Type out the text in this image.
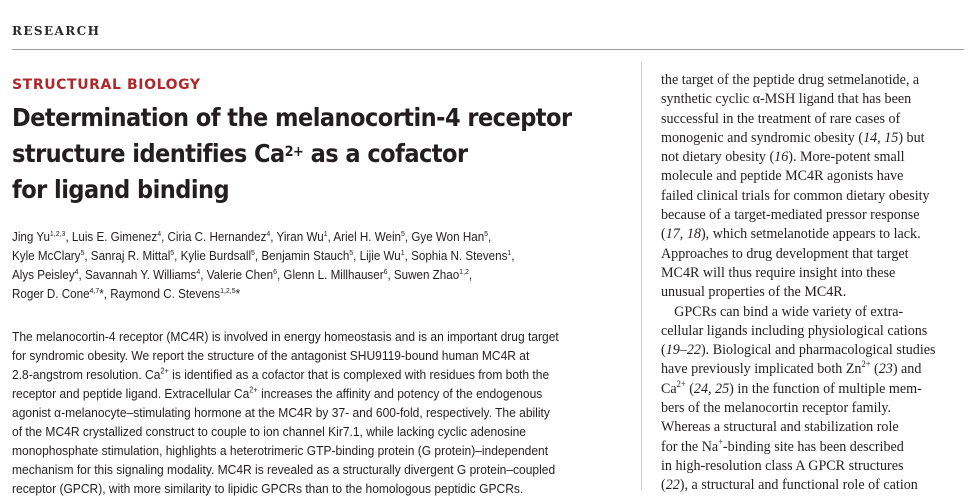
RESEARCH
STRUCTURAL BIOLOGY
Determination of the melanocortin-4 receptor
structure identifies $Ca^{2+}$ as a cofactor
for ligand binding
Jing Yu$^{1,2,3}$, Luis E. Gimenez$^4$, Ciria C. Hernandez$^4$, Yiran Wu$^1$, Ariel H. Wein$^5$, Gye Won Han$^5$,
Kyle McClary$^5$, Sanraj R. Mittal$^5$, Kylie Burdsall$^5$, Benjamin Stauch$^5$, Lijie Wu$^1$, Sophia N. Stevens$^1$,
Alys Peisley$^4$, Savannah Y. Williams$^4$, Valerie Chen$^6$, Glenn L. Millhauser$^6$, Suwen Zhao$^{1,2}$,
Roger D. Cone$^{4,7}$*, Raymond C. Stevens$^{1,2,5}$*
The melanocortin-4 receptor (MC4R) is involved in energy homeostasis and is an important drug target
for syndromic obesity. We report the structure of the antagonist SHU9119-bound human MC4R at
2.8-angstrom resolution. $Ca^{2+}$ is identified as a cofactor that is complexed with residues from both the
receptor and peptide ligand. Extracellular $Ca^{2+}$ increases the affinity and potency of the endogenous
agonist α-melanocyte–stimulating hormone at the MC4R by 37- and 600-fold, respectively. The ability
of the MC4R crystallized construct to couple to ion channel Kir7.1, while lacking cyclic adenosine
monophosphate stimulation, highlights a heterotrimeric GTP-binding protein (G protein)–independent
mechanism for this signaling modality. MC4R is revealed as a structurally divergent G protein–coupled
receptor (GPCR), with more similarity to lipidic GPCRs than to the homologous peptidic GPCRs.
the target of the peptide drug setmelanotide, a
synthetic cyclic α-MSH ligand that has been
successful in the treatment of rare cases of
monogenic and syndromic obesity (14, 15) but
not dietary obesity (16). More-potent small
molecule and peptide MC4R agonists have
failed clinical trials for common dietary obesity
because of a target-mediated pressor response
(17, 18), which setmelanotide appears to lack.
Approaches to drug development that target
MC4R will thus require insight into these
unusual properties of the MC4R.
GPCRs can bind a wide variety of extra-
cellular ligands including physiological cations
(19–22). Biological and pharmacological studies
have previously implicated both $Zn^{2+}$ (23) and
$Ca^{2+}$ (24, 25) in the function of multiple mem-
bers of the melanocortin receptor family.
Whereas a structural and stabilization role
for the Na+-binding site has been described
in high-resolution class A GPCR structures
(22), a structural and functional role of cation
